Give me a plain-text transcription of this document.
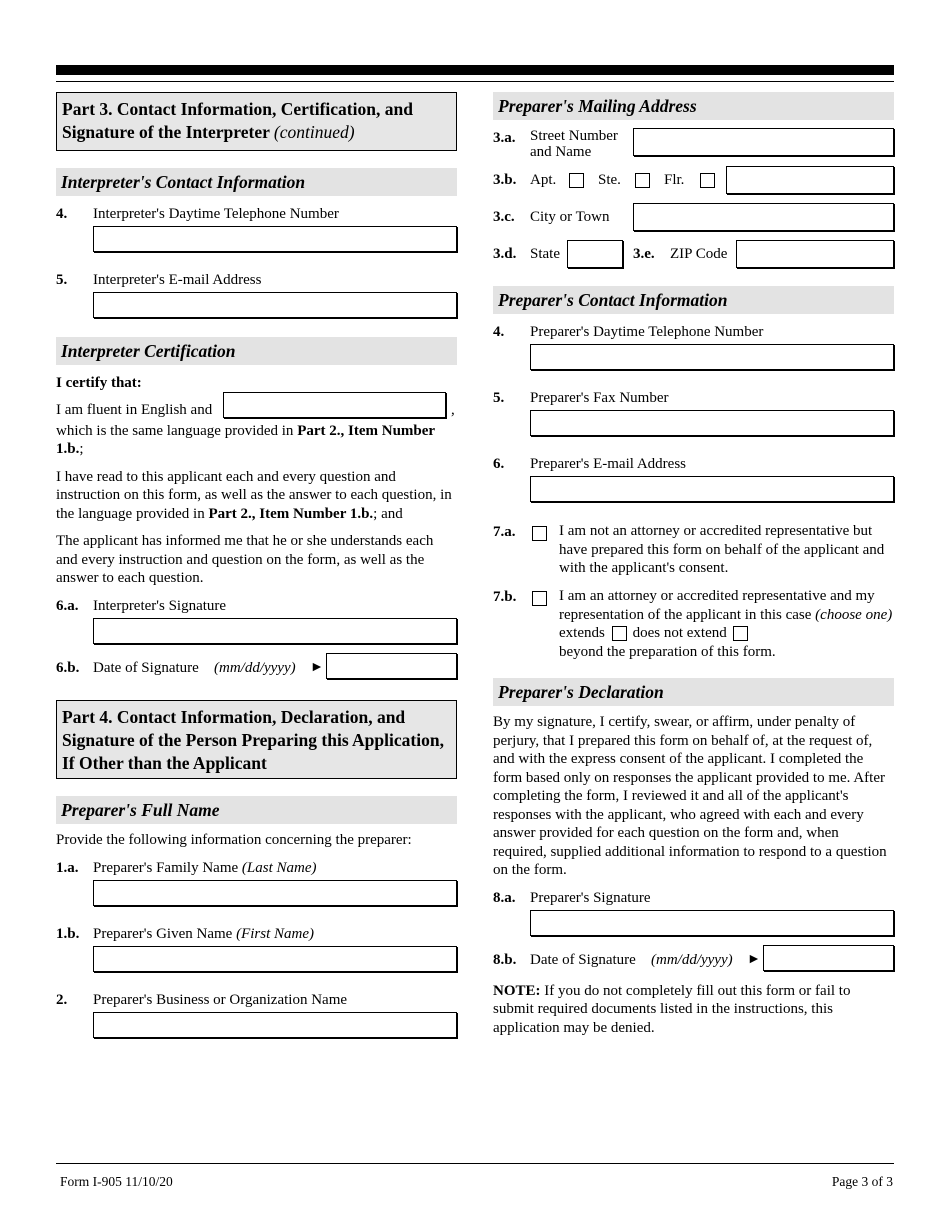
Part 3. Contact Information, Certification, and Signature of the Interpreter (continued)
Interpreter's Contact Information
4.	Interpreter's Daytime Telephone Number
5.	Interpreter's E-mail Address
Interpreter Certification

I certify that:

I am fluent in English and	,

which is the same language provided in Part 2., Item Number 1.b.;

I have read to this applicant each and every question and instruction on this form, as well as the answer to each question, in the language provided in Part 2., Item Number 1.b.; and

The applicant has informed me that he or she understands each and every instruction and question on the form, as well as the answer to each question.

6.a. Interpreter's Signature
6.b. Date of Signature (mm/dd/yyyy) ►
Part 4. Contact Information, Declaration, and Signature of the Person Preparing this Application, If Other than the Applicant
Preparer's Full Name

Provide the following information concerning the preparer:

1.a. Preparer's Family Name (Last Name)
1.b. Preparer's Given Name (First Name)
2.	Preparer's Business or Organization Name
Preparer's Mailing Address
3.a. Street Number and Name
3.b. Apt.	Ste.	Flr.
3.c.	City or Town
3.d. State	3.e.	ZIP Code
Preparer's Contact Information
4.	Preparer's Daytime Telephone Number
5.	Preparer's Fax Number
6.	Preparer's E-mail Address
7.a.	I am not an attorney or accredited representative but have prepared this form on behalf of the applicant and with the applicant's consent.

7.b.	I am an attorney or accredited representative and my representation of the applicant in this case (choose one) extends does not extend
beyond the preparation of this form.

Preparer's Declaration

By my signature, I certify, swear, or affirm, under penalty of perjury, that I prepared this form on behalf of, at the request of, and with the express consent of the applicant. I completed the form based only on responses the applicant provided to me. After completing the form, I reviewed it and all of the applicant's responses with the applicant, who agreed with each and every answer provided for each question on the form and, when required, supplied additional information to respond to a question on the form.

8.a. Preparer's Signature
8.b. Date of Signature (mm/dd/yyyy) ►

NOTE: If you do not completely fill out this form or fail to submit required documents listed in the instructions, this application may be denied.

Form I-905 11/10/20	Page 3 of 3
